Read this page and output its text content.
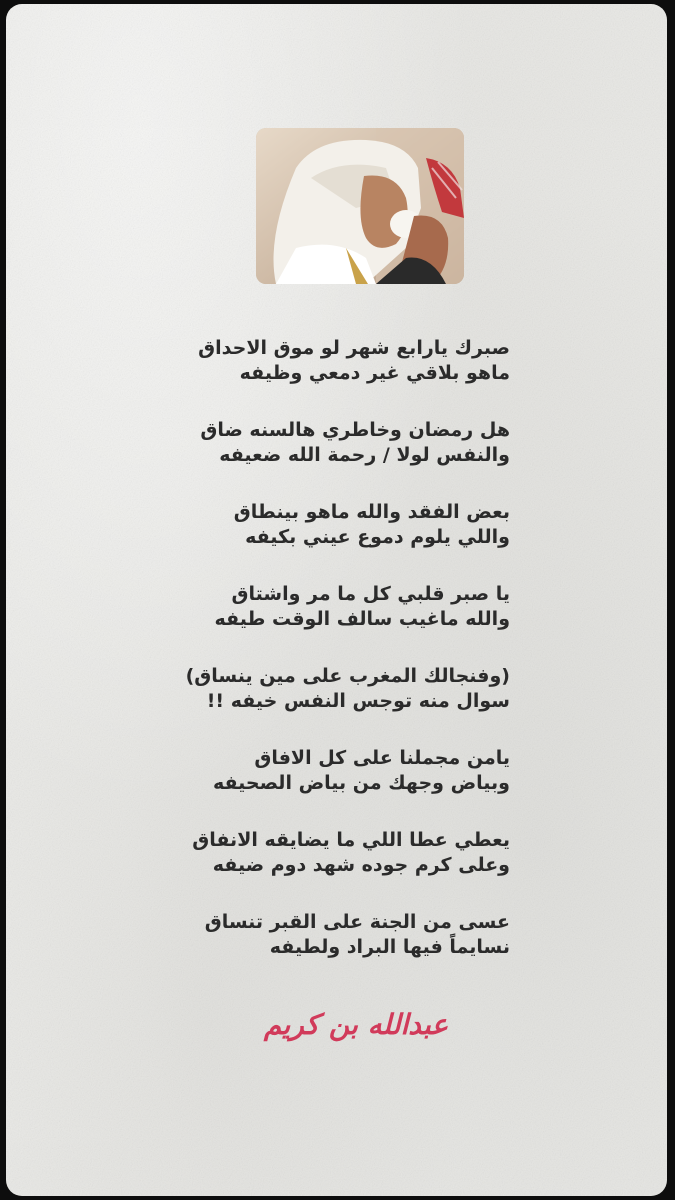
صبرك يارابع شهر لو موق الاحداق
ماهو بلاقي غير دمعي وظيفه

هل رمضان وخاطري هالسنه ضاق
والنفس لولا / رحمة الله ضعيفه

بعض الفقد والله ماهو بينطاق
واللي يلوم دموع عيني بكيفه

يا صبر قلبي كل ما مر واشتاق
والله ماغيب سالف الوقت طيفه

(وفنجالك المغرب على مين ينساق)
سوال منه توجس النفس خيفه !!

يامن مجملنا على كل الافاق
وبياض وجهك من بياض الصحيفه

يعطي عطا اللي ما يضايقه الانفاق
وعلى كرم جوده شهد دوم ضيفه

عسى من الجنة على القبر تنساق
نسايماً فيها البراد ولطيفه

عبدالله بن كريم
